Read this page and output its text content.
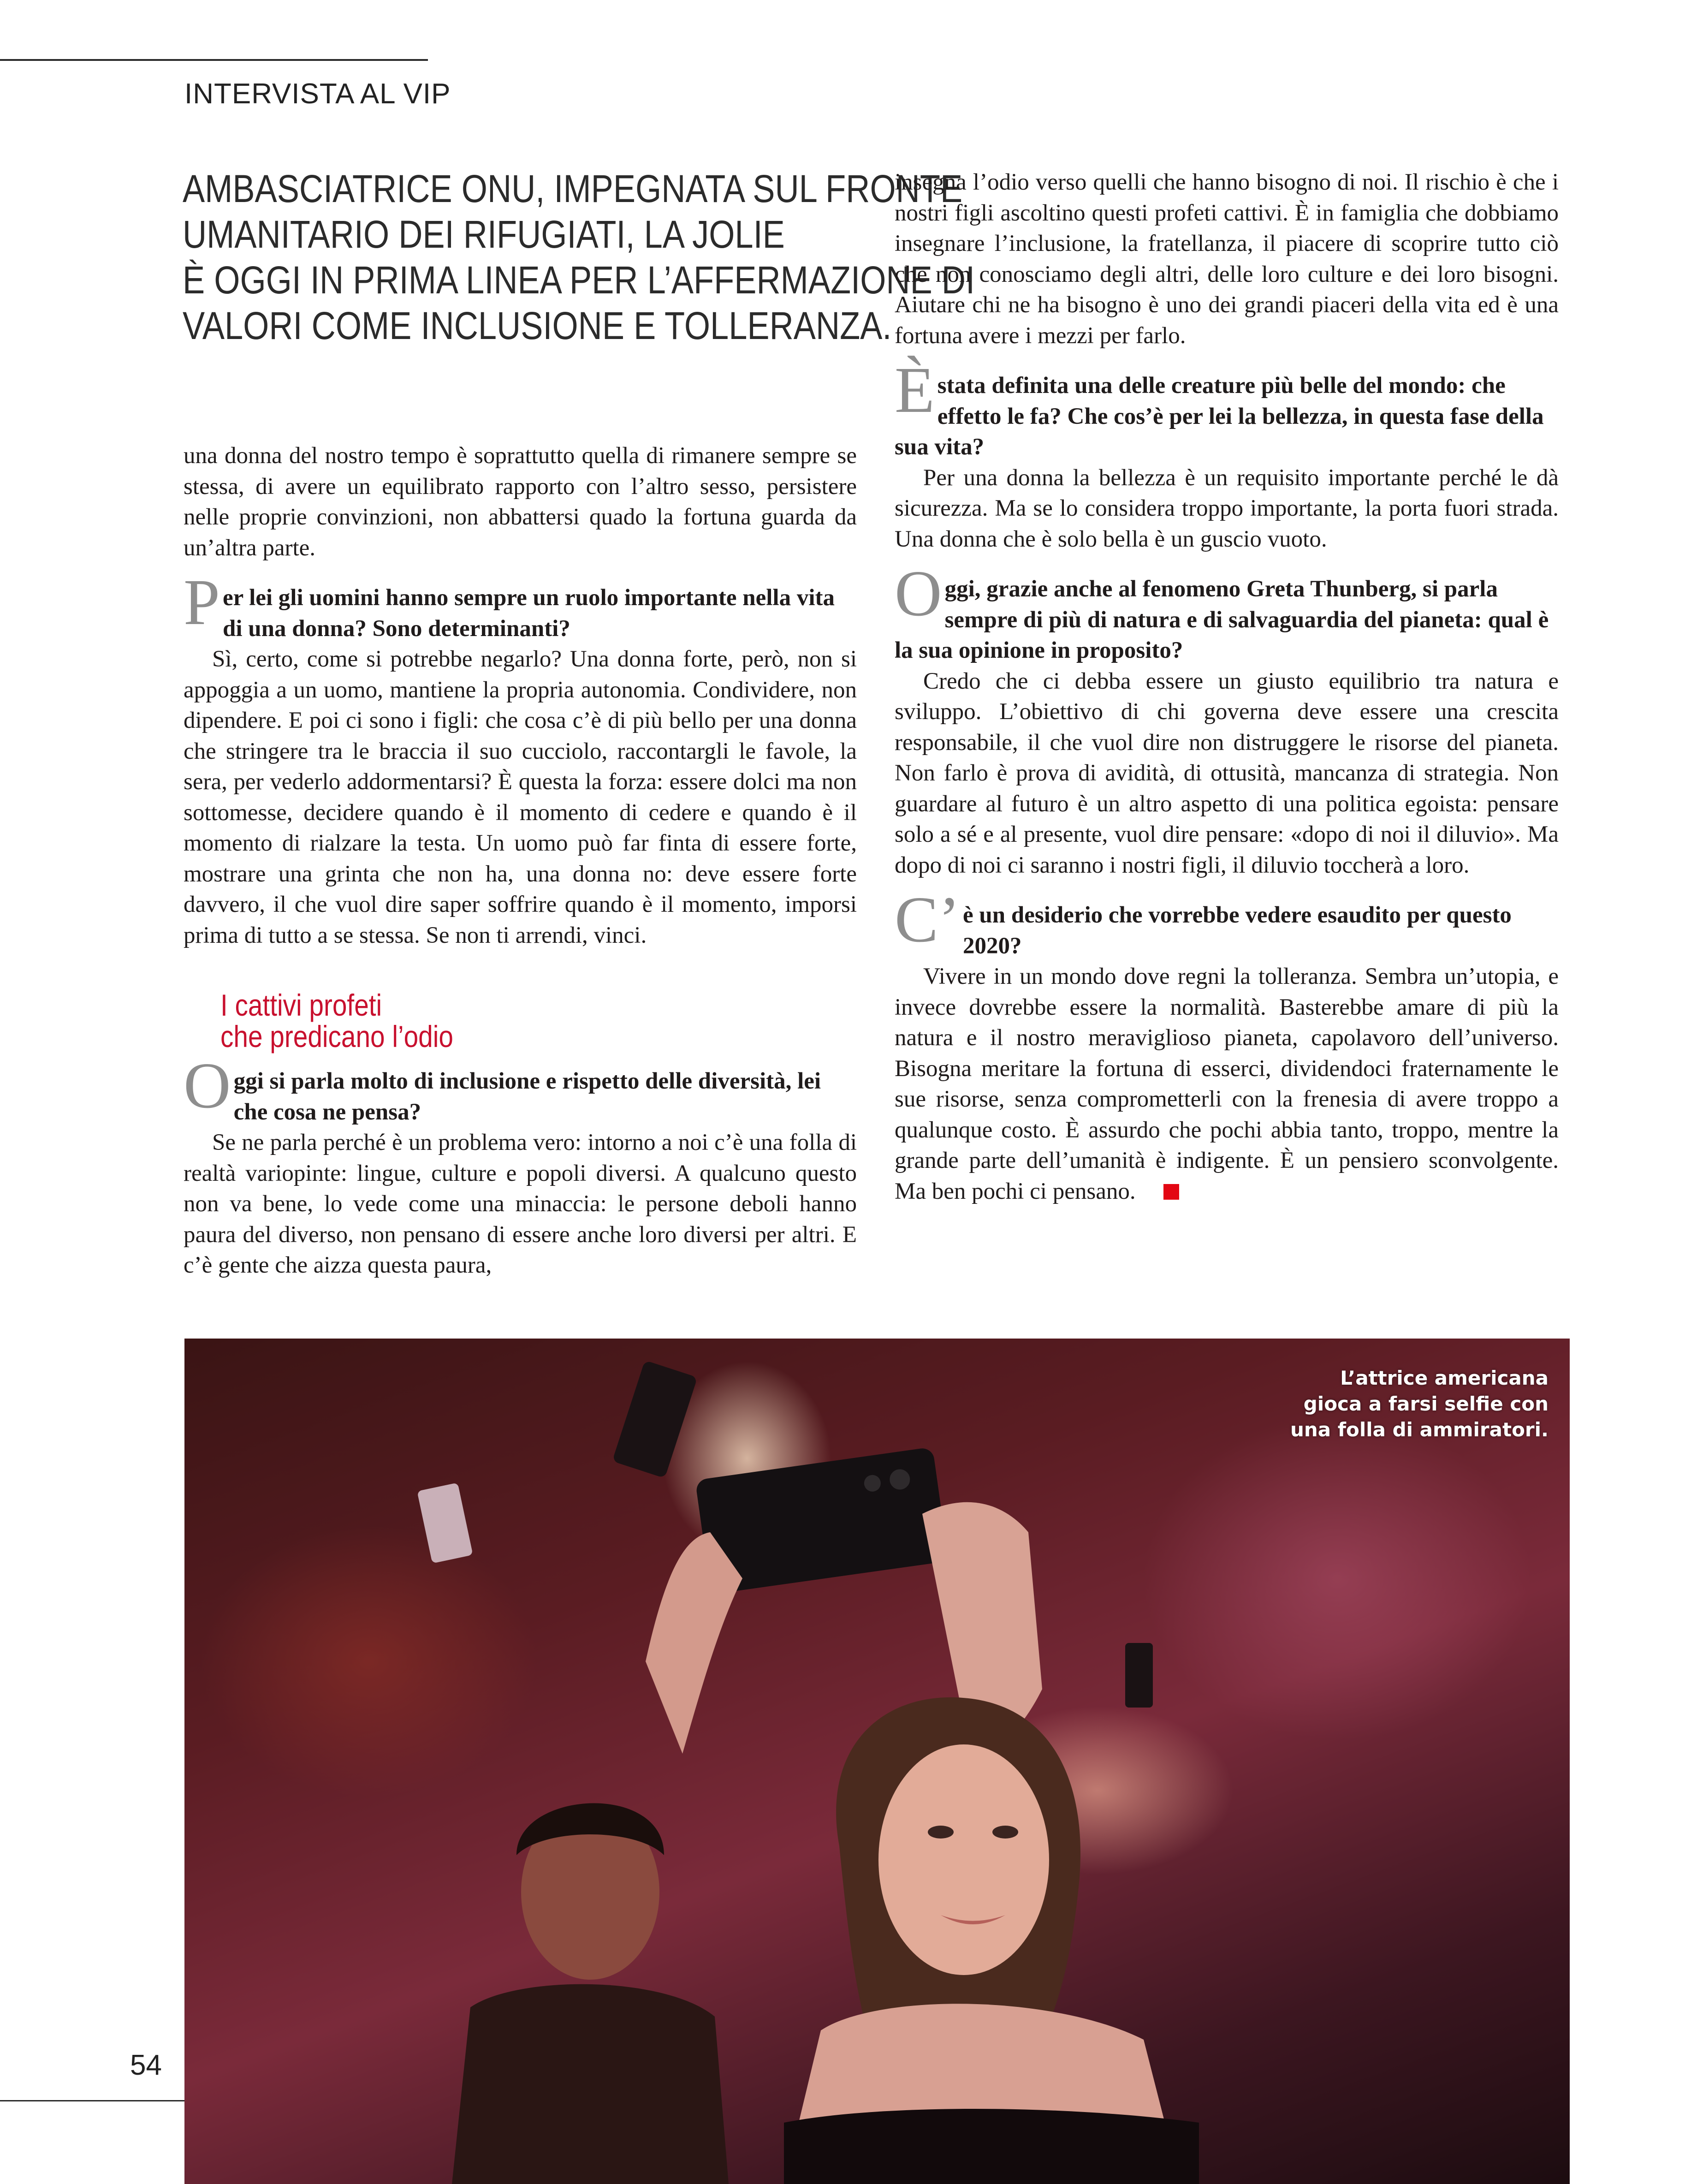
INTERVISTA AL VIP
AMBASCIATRICE ONU, IMPEGNATA SUL FRONTE
UMANITARIO DEI RIFUGIATI, LA JOLIE
È OGGI IN PRIMA LINEA PER L’AFFERMAZIONE DI
VALORI COME INCLUSIONE E TOLLERANZA.

una donna del nostro tempo è soprattutto quella di rimanere sempre se stessa, di avere un equilibrato rapporto con l’altro sesso, persistere nelle proprie convinzioni, non abbattersi quado la fortuna guarda da un’altra parte.

Per lei gli uomini hanno sempre un ruolo importante nella vita di una donna? Sono determinanti?

Sì, certo, come si potrebbe negarlo? Una donna forte, però, non si appoggia a un uomo, mantiene la propria autonomia. Condividere, non dipendere. E poi ci sono i figli: che cosa c’è di più bello per una donna che stringere tra le braccia il suo cucciolo, raccontargli le favole, la sera, per vederlo addormentarsi? È questa la forza: essere dolci ma non sottomesse, decidere quando è il momento di cedere e quando è il momento di rialzare la testa. Un uomo può far finta di essere forte, mostrare una grinta che non ha, una donna no: deve essere forte davvero, il che vuol dire saper soffrire quando è il momento, imporsi prima di tutto a se stessa. Se non ti arrendi, vinci.

I cattivi profeti
che predicano l’odio

Oggi si parla molto di inclusione e rispetto delle diversità, lei che cosa ne pensa?

Se ne parla perché è un problema vero: intorno a noi c’è una folla di realtà variopinte: lingue, culture e popoli diversi. A qualcuno questo non va bene, lo vede come una minaccia: le persone deboli hanno paura del diverso, non pensano di essere anche loro diversi per altri. E c’è gente che aizza questa paura,

insegna l’odio verso quelli che hanno bisogno di noi. Il rischio è che i nostri figli ascoltino questi profeti cattivi. È in famiglia che dobbiamo insegnare l’inclusione, la fratellanza, il piacere di scoprire tutto ciò che non conosciamo degli altri, delle loro culture e dei loro bisogni. Aiutare chi ne ha bisogno è uno dei grandi piaceri della vita ed è una fortuna avere i mezzi per farlo.

È stata definita una delle creature più belle del mondo: che effetto le fa? Che cos’è per lei la bellezza, in questa fase della sua vita?

Per una donna la bellezza è un requisito importante perché le dà sicurezza. Ma se lo considera troppo importante, la porta fuori strada. Una donna che è solo bella è un guscio vuoto.

Oggi, grazie anche al fenomeno Greta Thunberg, si parla sempre di più di natura e di salvaguardia del pianeta: qual è la sua opinione in proposito?

Credo che ci debba essere un giusto equilibrio tra natura e sviluppo. L’obiettivo di chi governa deve essere una crescita responsabile, il che vuol dire non distruggere le risorse del pianeta. Non farlo è prova di avidità, di ottusità, mancanza di strategia. Non guardare al futuro è un altro aspetto di una politica egoista: pensare solo a sé e al presente, vuol dire pensare: «dopo di noi il diluvio». Ma dopo di noi ci saranno i nostri figli, il diluvio toccherà a loro.

C’ è un desiderio che vorrebbe vedere esaudito per questo 2020?

Vivere in un mondo dove regni la tolleranza. Sembra un’utopia, e invece dovrebbe essere la normalità. Basterebbe amare di più la natura e il nostro meraviglioso pianeta, capolavoro dell’universo. Bisogna meritare la fortuna di esserci, dividendoci fraternamente le sue risorse, senza comprometterli con la frenesia di avere troppo a qualunque costo. È assurdo che pochi abbia tanto, troppo, mentre la grande parte dell’umanità è indigente. È un pensiero sconvolgente. Ma ben pochi ci pensano.

L’attrice americana
gioca a farsi selfie con
una folla di ammiratori.
54
